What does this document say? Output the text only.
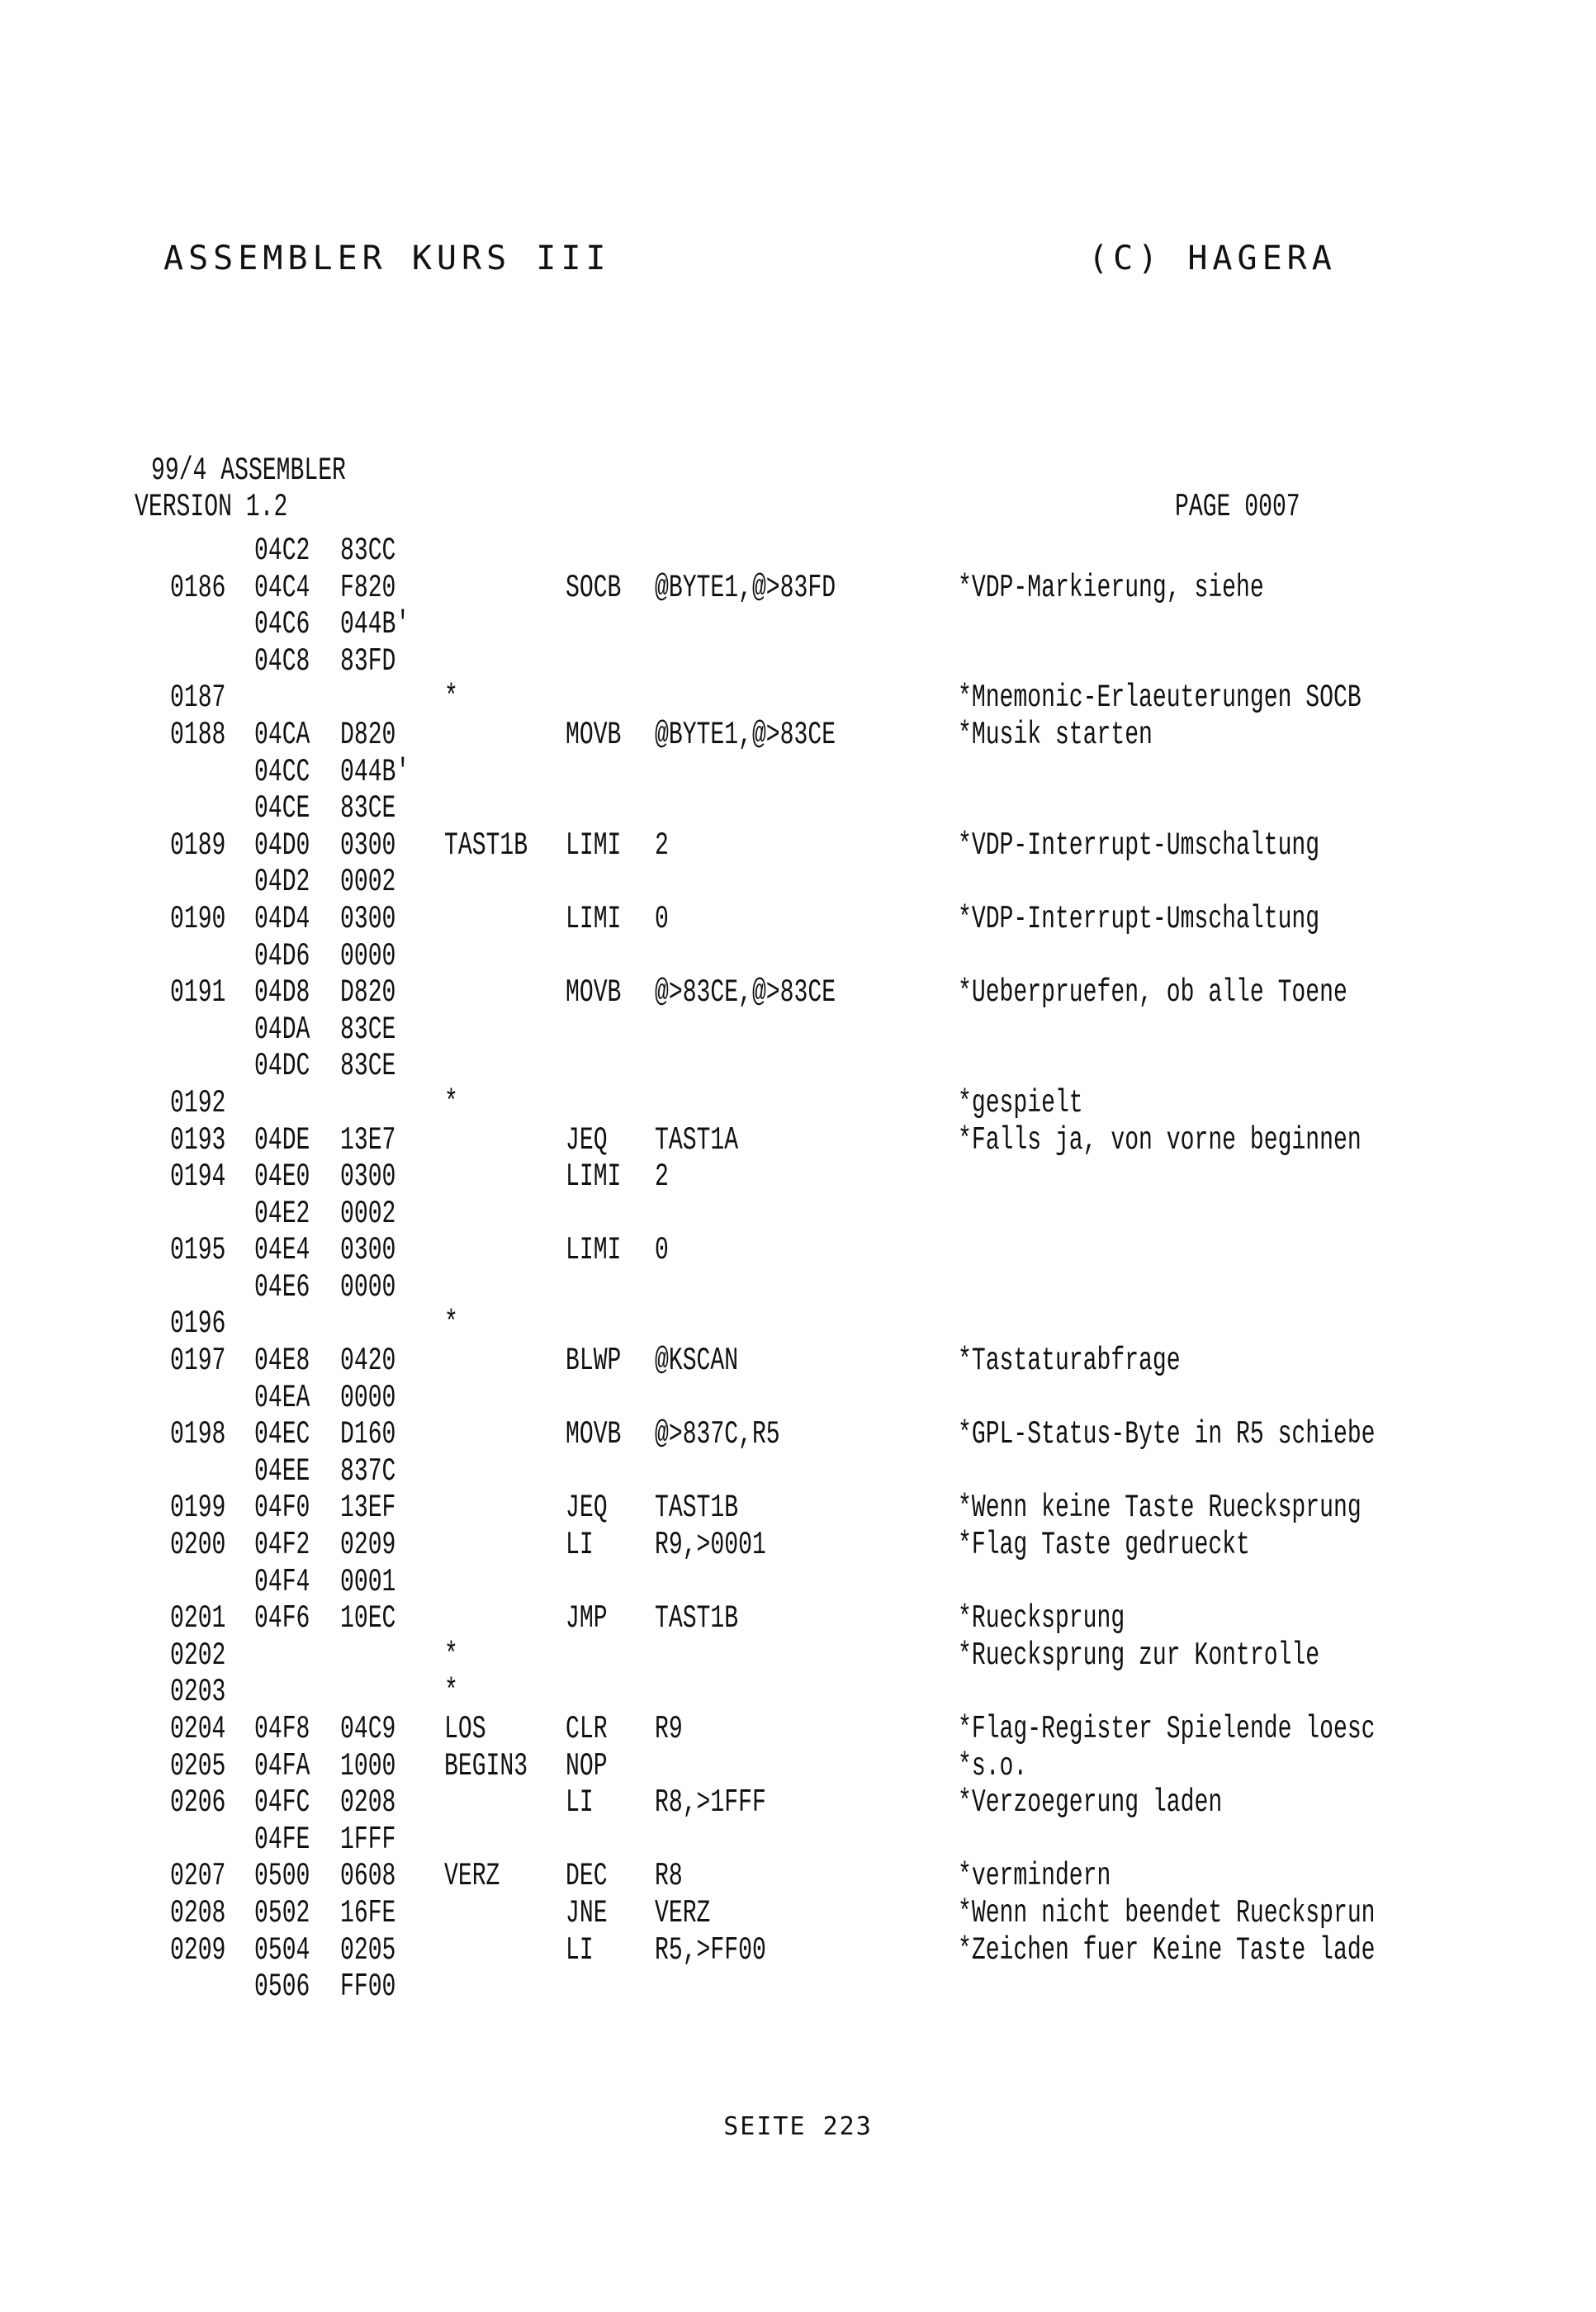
ASSEMBLER KURS III	(C) HAGERA
99/4 ASSEMBLER
VERSION 1.2	PAGE 0007
04C2 83CC
0186 04C4 F820	SOCB @BYTE1,@>83FD	*VDP-Markierung, siehe
04C6 044B'
04C8 83FD
0187	*	*Mnemonic-Erlaeuterungen SOCB
0188 04CA D820	MOVB @BYTE1,@>83CE	*Musik starten
04CC 044B'
04CE 83CE
0189 04D0 0300 TAST1B LIMI 2	*VDP-Interrupt-Umschaltung
04D2 0002
0190 04D4 0300	LIMI 0	*VDP-Interrupt-Umschaltung
04D6 0000
0191 04D8 D820	MOVB @>83CE,@>83CE	*Ueberpruefen, ob alle Toene
04DA 83CE
04DC 83CE
0192	*	*gespielt
0193 04DE 13E7	JEQ TAST1A	*Falls ja, von vorne beginnen
0194 04E0 0300	LIMI 2
04E2 0002
0195 04E4 0300	LIMI 0
04E6 0000
0196	*
0197 04E8 0420	BLWP @KSCAN	*Tastaturabfrage
04EA 0000
0198 04EC D160	MOVB @>837C,R5	*GPL-Status-Byte in R5 schiebe
04EE 837C
0199 04F0 13EF	JEQ TAST1B	*Wenn keine Taste Ruecksprung
0200 04F2 0209	LI R9,>0001	*Flag Taste gedrueckt
04F4 0001
0201 04F6 10EC	JMP TAST1B	*Ruecksprung
0202	*	*Ruecksprung zur Kontrolle
0203	*
0204 04F8 04C9 LOS CLR R9	*Flag-Register Spielende loesc
0205 04FA 1000 BEGIN3 NOP	*s.o.
0206 04FC 0208	LI R8,>1FFF	*Verzoegerung laden
04FE 1FFF
0207 0500 0608 VERZ DEC R8	*vermindern
0208 0502 16FE	JNE VERZ	*Wenn nicht beendet Ruecksprun
0209 0504 0205	LI R5,>FF00	*Zeichen fuer Keine Taste lade
0506 FF00
SEITE 223
